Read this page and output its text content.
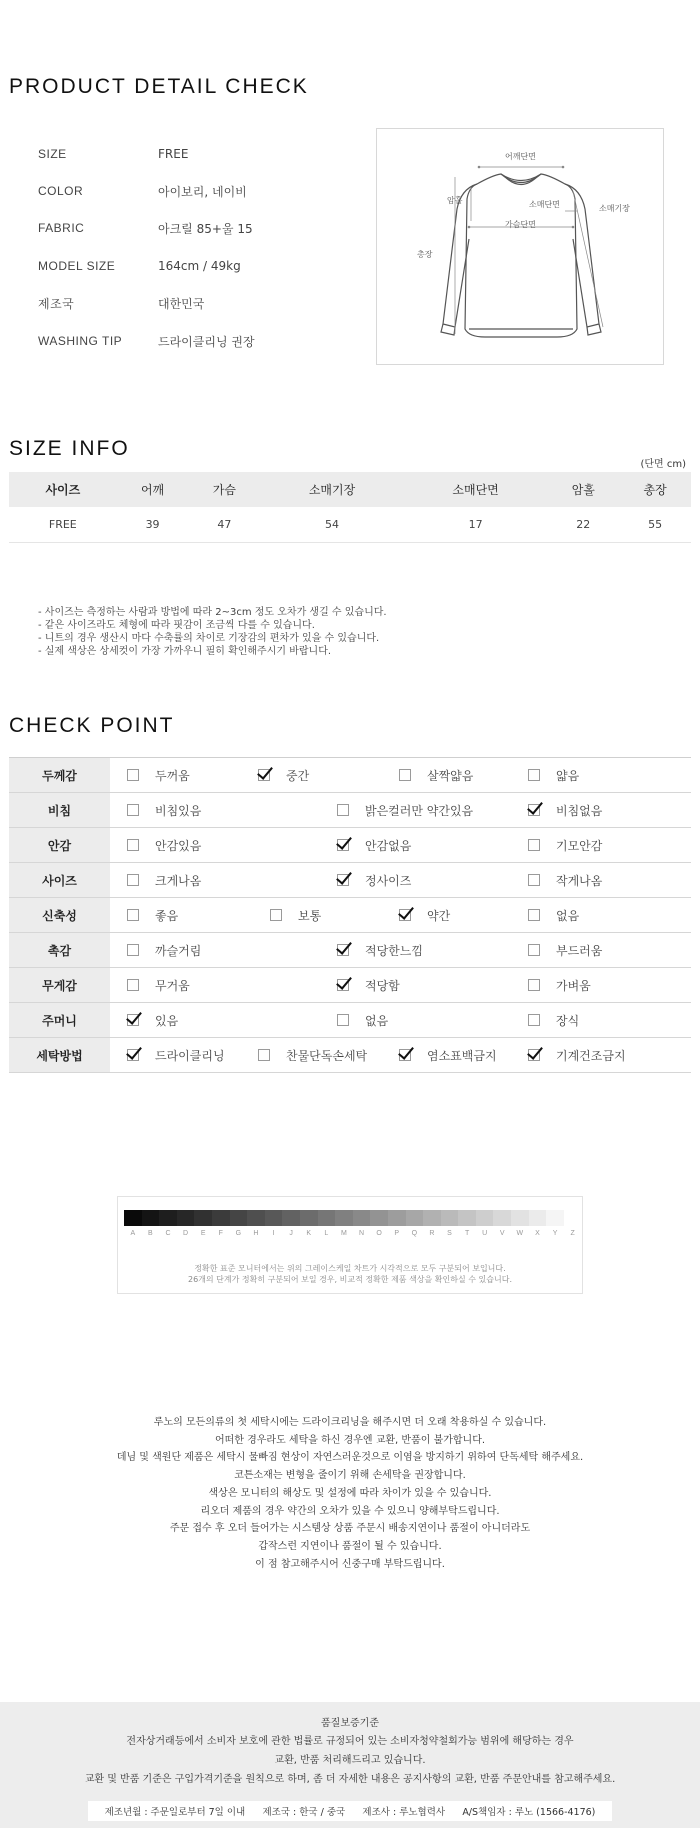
PRODUCT DETAIL CHECK
SIZE	FREE
COLOR	아이보리, 네이비
FABRIC	아크릴 85+울 15
MODEL SIZE	164cm / 49kg
제조국	대한민국
WASHING TIP	드라이클리닝 권장
어깨단면
암홀	소매단면	소매기장
가슴단면
총장
SIZE INFO
(단면 cm)
사이즈	어깨	가슴	소매기장	소매단면	암홀	총장
FREE	39	47	54	17	22	55
- 사이즈는 측정하는 사람과 방법에 따라 2~3cm 정도 오차가 생길 수 있습니다.
- 같은 사이즈라도 체형에 따라 핏감이 조금씩 다를 수 있습니다.
- 니트의 경우 생산시 마다 수축률의 차이로 기장감의 편차가 있을 수 있습니다.
- 실제 색상은 상세컷이 가장 가까우니 필히 확인해주시기 바랍니다.
CHECK POINT
두께감	두꺼움	중간	살짝얇음	얇음
비침	비침있음	밝은컬러만 약간있음	비침없음
안감	안감있음	안감없음	기모안감
사이즈	크게나옴	정사이즈	작게나옴
신축성	좋음	보통	약간	없음
촉감	까슬거림	적당한느낌	부드러움
무게감	무거움	적당함	가벼움
주머니	있음	없음	장식
세탁방법	드라이클리닝	찬물단독손세탁	염소표백금지	기계건조금지
A	B	C	D	E	F	G	H	I	J	K	L	M	N	O	P	Q	R	S	T	U	V	W	X	Y	Z
정확한 표준 모니터에서는 위의 그레이스케일 차트가 시각적으로 모두 구분되어 보입니다.
26개의 단계가 정확히 구분되어 보일 경우, 비교적 정확한 제품 색상을 확인하실 수 있습니다.
루노의 모든의류의 첫 세탁시에는 드라이크리닝을 해주시면 더 오래 착용하실 수 있습니다.
어떠한 경우라도 세탁을 하신 경우엔 교환, 반품이 불가합니다.
데님 및 색원단 제품은 세탁시 물빠짐 현상이 자연스러운것으로 이염을 방지하기 위하여 단독세탁 해주세요.
코튼소재는 변형을 줄이기 위해 손세탁을 권장합니다.
색상은 모니터의 해상도 및 설정에 따라 차이가 있을 수 있습니다.
리오더 제품의 경우 약간의 오차가 있을 수 있으니 양해부탁드립니다.
주문 접수 후 오더 들어가는 시스템상 상품 주문시 배송지연이나 품절이 아니더라도
갑작스런 지연이나 품절이 될 수 있습니다.
이 점 참고해주시어 신중구매 부탁드립니다.
품질보증기준
전자상거래등에서 소비자 보호에 관한 법률로 규정되어 있는 소비자청약철회가능 범위에 해당하는 경우
교환, 반품 처리해드리고 있습니다.
교환 및 반품 기준은 구입가격기준을 원칙으로 하며, 좀 더 자세한 내용은 공지사항의 교환, 반품 주문안내를 참고해주세요.
제조년월 : 주문일로부터 7일 이내 제조국 : 한국 / 중국 제조사 : 루노협력사 A/S책임자 : 루노 (1566-4176)
